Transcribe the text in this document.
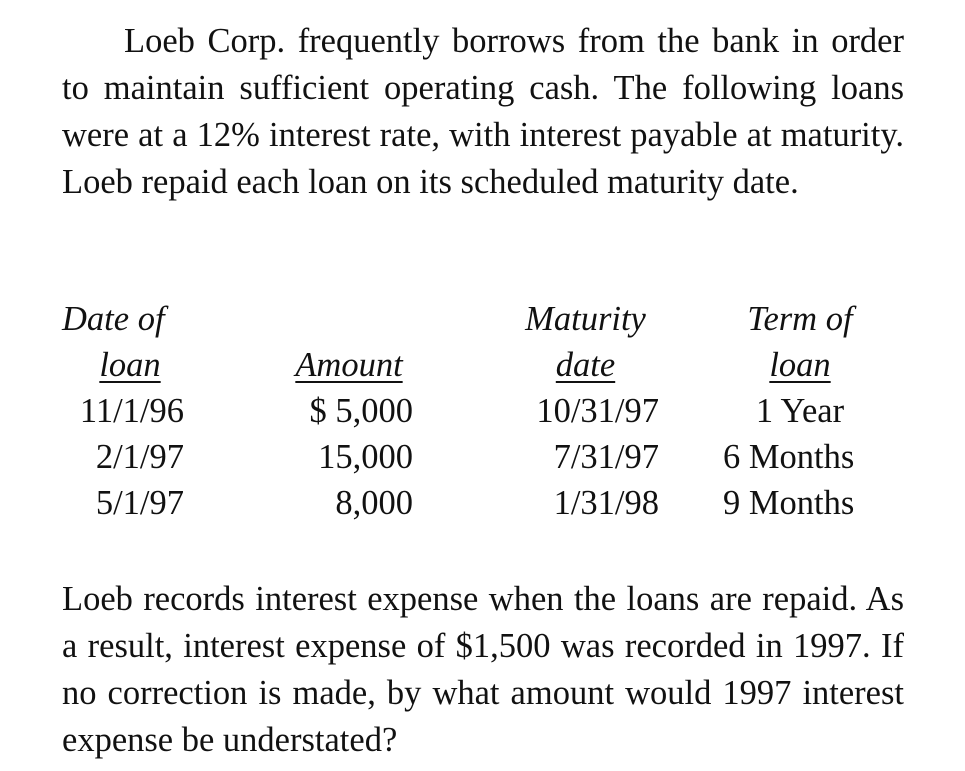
Loeb Corp. frequently borrows from the bank in order to maintain sufficient operating cash. The following loans were at a 12% interest rate, with interest payable at maturity. Loeb repaid each loan on its scheduled maturity date.

Date of
loan
11/1/96
2/1/97
5/1/97
Amount
$ 5,000
15,000
8,000
Maturity
date
10/31/97
7/31/97
1/31/98
Term of
loan
1 Year
6 Months
9 Months

Loeb records interest expense when the loans are repaid. As a result, interest expense of $1,500 was recorded in 1997. If no correction is made, by what amount would 1997 interest expense be understated?
